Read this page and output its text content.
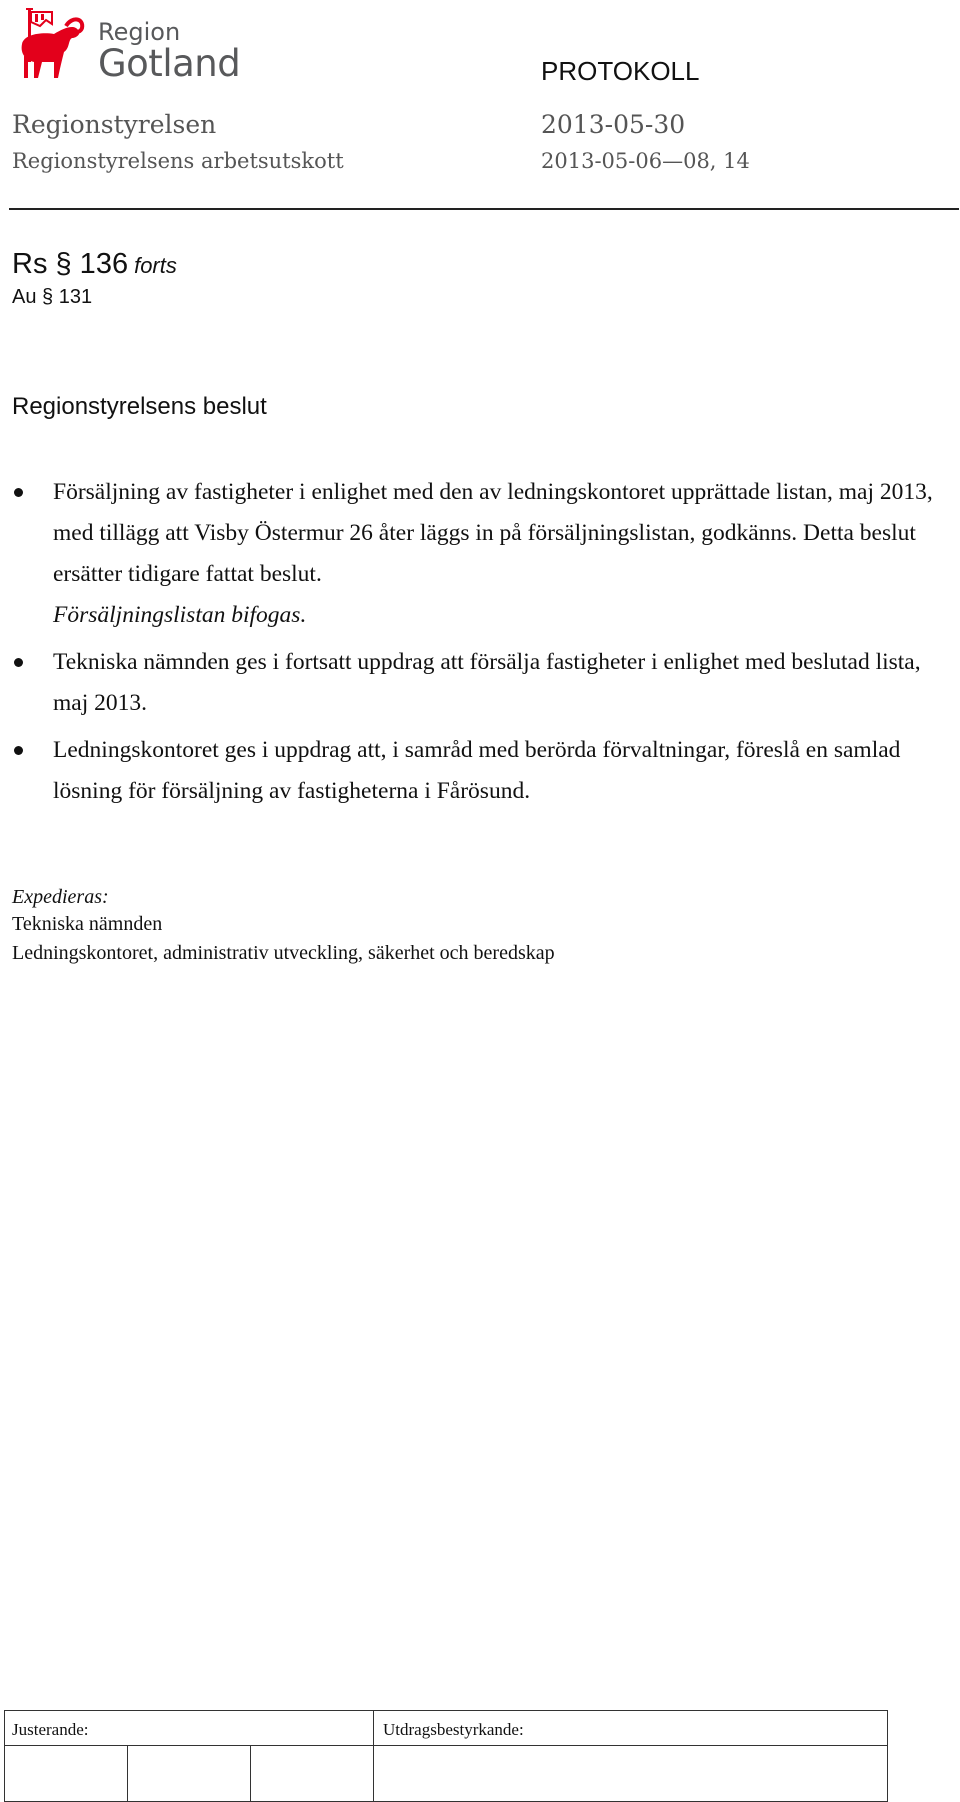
Region
Gotland	PROTOKOLL
Regionstyrelsen	2013-05-30
Regionstyrelsens arbetsutskott	2013-05-06—08, 14
Rs § 136 forts
Au § 131
Regionstyrelsens beslut
Försäljning av fastigheter i enlighet med den av ledningskontoret upprättade listan, maj 2013, med tillägg att Visby Östermur 26 åter läggs in på försäljningslistan, godkänns. Detta beslut ersätter tidigare fattat beslut.
Försäljningslistan bifogas.
Tekniska nämnden ges i fortsatt uppdrag att försälja fastigheter i enlighet med beslutad lista, maj 2013.
Ledningskontoret ges i uppdrag att, i samråd med berörda förvaltningar, föreslå en samlad lösning för försäljning av fastigheterna i Fårösund.
Expedieras:
Tekniska nämnden
Ledningskontoret, administrativ utveckling, säkerhet och beredskap
Justerande:	Utdragsbestyrkande:
